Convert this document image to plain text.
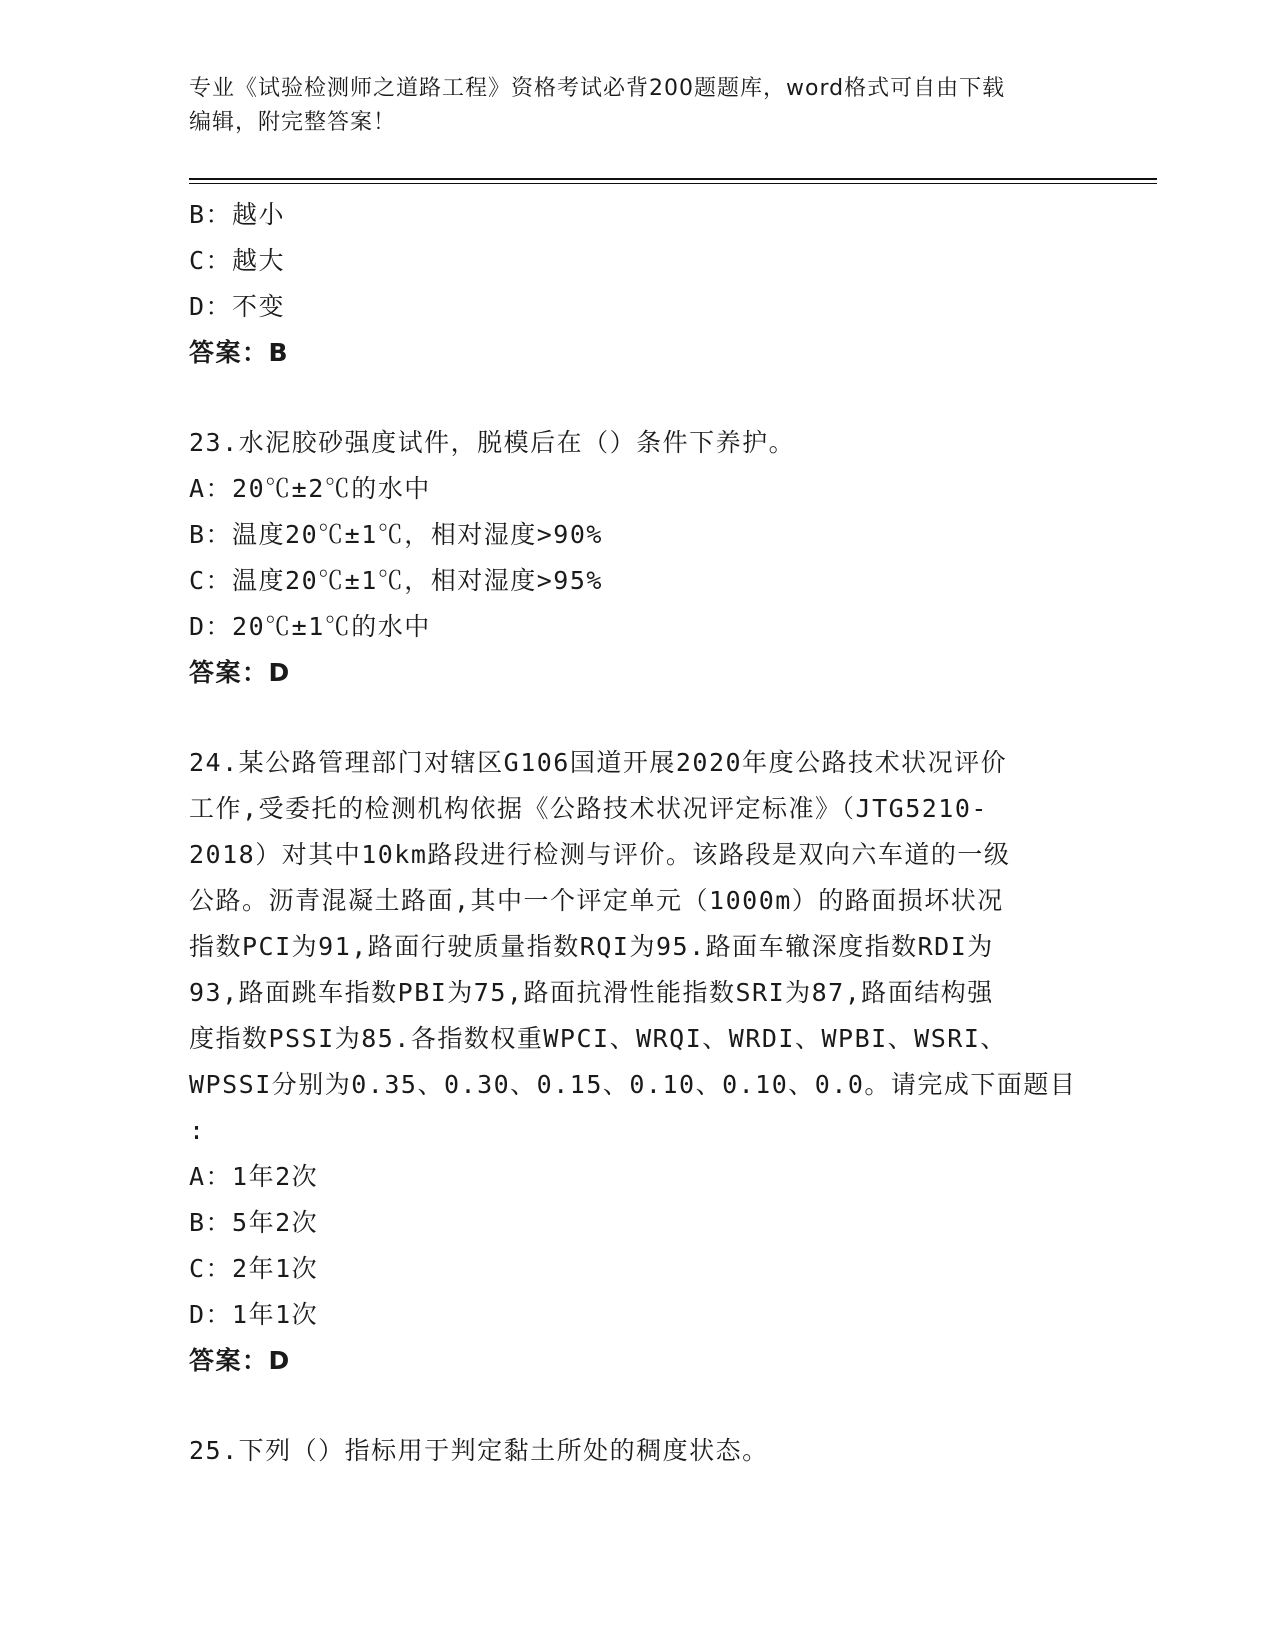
专业《试验检测师之道路工程》资格考试必背200题题库，word格式可自由下载
编辑，附完整答案！
B：越小
C：越大
D：不变
答案：B
23.水泥胶砂强度试件，脱模后在（）条件下养护。
A：20℃±2℃的水中
B：温度20℃±1℃，相对湿度>90%
C：温度20℃±1℃，相对湿度>95%
D：20℃±1℃的水中
答案：D
24.某公路管理部门对辖区G106国道开展2020年度公路技术状况评价
工作,受委托的检测机构依据《公路技术状况评定标准》（JTG5210-
2018）对其中10km路段进行检测与评价。该路段是双向六车道的一级
公路。沥青混凝土路面,其中一个评定单元（1000m）的路面损坏状况
指数PCI为91,路面行驶质量指数RQI为95.路面车辙深度指数RDI为
93,路面跳车指数PBI为75,路面抗滑性能指数SRI为87,路面结构强
度指数PSSI为85.各指数权重WPCI、WRQI、WRDI、WPBI、WSRI、
WPSSI分别为0.35、0.30、0.15、0.10、0.10、0.0。请完成下面题目
:
A：1年2次
B：5年2次
C：2年1次
D：1年1次
答案：D
25.下列（）指标用于判定黏土所处的稠度状态。
